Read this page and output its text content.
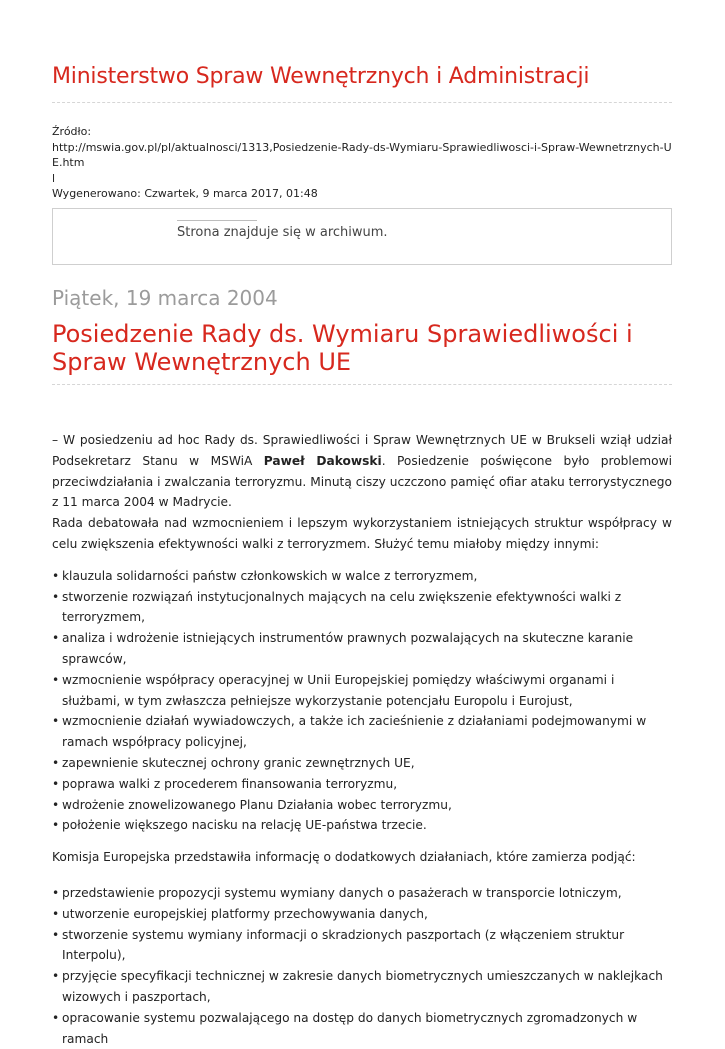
Ministerstwo Spraw Wewnętrznych i Administracji
Źródło:
http://mswia.gov.pl/pl/aktualnosci/1313,Posiedzenie-Rady-ds-Wymiaru-Sprawiedliwosci-i-Spraw-Wewnetrznych-UE.htm
l
Wygenerowano: Czwartek, 9 marca 2017, 01:48
Strona znajduje się w archiwum.
Piątek, 19 marca 2004
Posiedzenie Rady ds. Wymiaru Sprawiedliwości i Spraw Wewnętrznych UE

– W posiedzeniu ad hoc Rady ds. Sprawiedliwości i Spraw Wewnętrznych UE w Brukseli wziął udział Podsekretarz Stanu w MSWiA Paweł Dakowski. Posiedzenie poświęcone było problemowi przeciwdziałania i zwalczania terroryzmu. Minutą ciszy uczczono pamięć ofiar ataku terrorystycznego z 11 marca 2004 w Madrycie.

Rada debatowała nad wzmocnieniem i lepszym wykorzystaniem istniejących struktur współpracy w celu zwiększenia efektywności walki z terroryzmem. Służyć temu miałoby między innymi:

• klauzula solidarności państw członkowskich w walce z terroryzmem,
• stworzenie rozwiązań instytucjonalnych mających na celu zwiększenie efektywności walki z terroryzmem,
• analiza i wdrożenie istniejących instrumentów prawnych pozwalających na skuteczne karanie sprawców,
• wzmocnienie współpracy operacyjnej w Unii Europejskiej pomiędzy właściwymi organami i służbami, w tym zwłaszcza pełniejsze wykorzystanie potencjału Europolu i Eurojust,
• wzmocnienie działań wywiadowczych, a także ich zacieśnienie z działaniami podejmowanymi w ramach współpracy policyjnej,
• zapewnienie skutecznej ochrony granic zewnętrznych UE,
• poprawa walki z procederem finansowania terroryzmu,
• wdrożenie znowelizowanego Planu Działania wobec terroryzmu,
• położenie większego nacisku na relację UE-państwa trzecie.

Komisja Europejska przedstawiła informację o dodatkowych działaniach, które zamierza podjąć:

• przedstawienie propozycji systemu wymiany danych o pasażerach w transporcie lotniczym,
• utworzenie europejskiej platformy przechowywania danych,
• stworzenie systemu wymiany informacji o skradzionych paszportach (z włączeniem struktur Interpolu),
• przyjęcie specyfikacji technicznej w zakresie danych biometrycznych umieszczanych w naklejkach wizowych i paszportach,
• opracowanie systemu pozwalającego na dostęp do danych biometrycznych zgromadzonych w ramach
